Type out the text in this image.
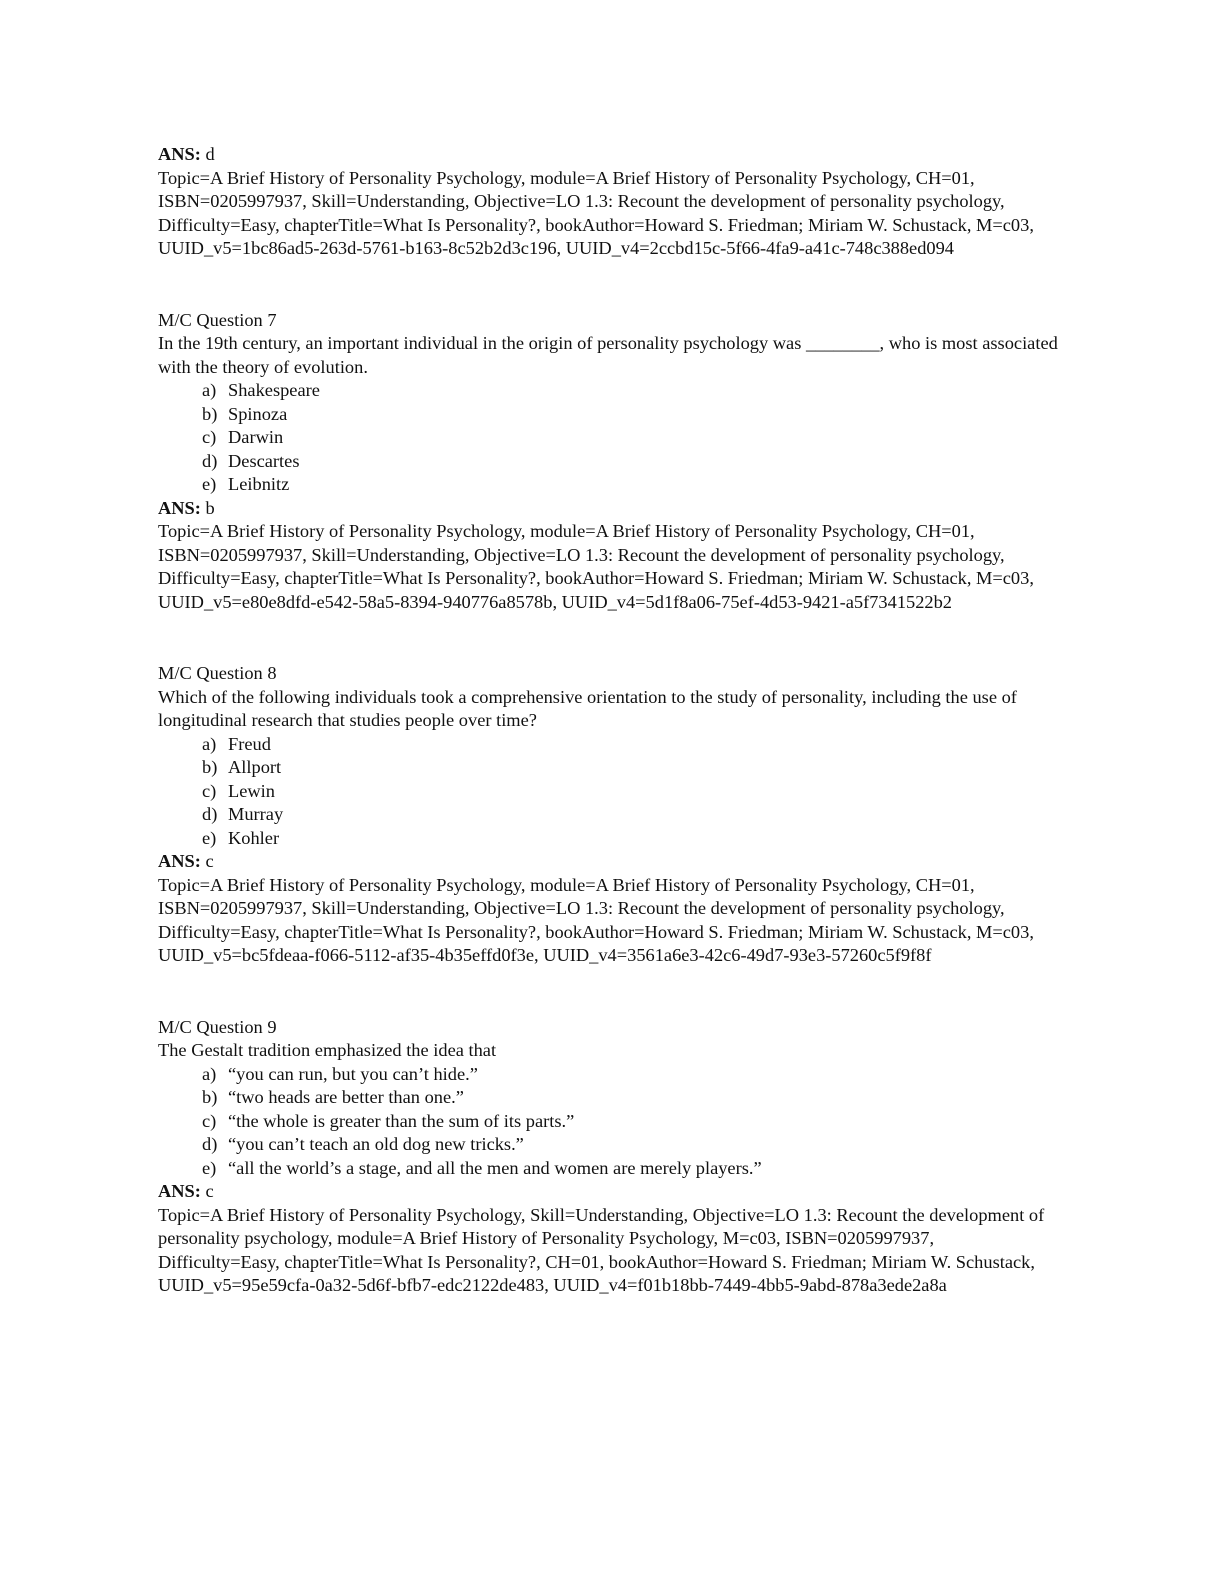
ANS: d

Topic=A Brief History of Personality Psychology, module=A Brief History of Personality Psychology, CH=01, ISBN=0205997937, Skill=Understanding, Objective=LO 1.3: Recount the development of personality psychology, Difficulty=Easy, chapterTitle=What Is Personality?, bookAuthor=Howard S. Friedman; Miriam W. Schustack, M=c03, UUID_v5=1bc86ad5-263d-5761-b163-8c52b2d3c196, UUID_v4=2ccbd15c-5f66-4fa9-a41c-748c388ed094

M/C Question 7

In the 19th century, an important individual in the origin of personality psychology was ________, who is most associated with the theory of evolution.

a) Shakespeare
b) Spinoza
c) Darwin
d) Descartes
e) Leibnitz

ANS: b

Topic=A Brief History of Personality Psychology, module=A Brief History of Personality Psychology, CH=01, ISBN=0205997937, Skill=Understanding, Objective=LO 1.3: Recount the development of personality psychology, Difficulty=Easy, chapterTitle=What Is Personality?, bookAuthor=Howard S. Friedman; Miriam W. Schustack, M=c03, UUID_v5=e80e8dfd-e542-58a5-8394-940776a8578b, UUID_v4=5d1f8a06-75ef-4d53-9421-a5f7341522b2

M/C Question 8

Which of the following individuals took a comprehensive orientation to the study of personality, including the use of longitudinal research that studies people over time?

a) Freud
b) Allport
c) Lewin
d) Murray
e) Kohler

ANS: c

Topic=A Brief History of Personality Psychology, module=A Brief History of Personality Psychology, CH=01, ISBN=0205997937, Skill=Understanding, Objective=LO 1.3: Recount the development of personality psychology, Difficulty=Easy, chapterTitle=What Is Personality?, bookAuthor=Howard S. Friedman; Miriam W. Schustack, M=c03, UUID_v5=bc5fdeaa-f066-5112-af35-4b35effd0f3e, UUID_v4=3561a6e3-42c6-49d7-93e3-57260c5f9f8f

M/C Question 9

The Gestalt tradition emphasized the idea that

a) “you can run, but you can’t hide.”
b) “two heads are better than one.”
c) “the whole is greater than the sum of its parts.”
d) “you can’t teach an old dog new tricks.”
e) “all the world’s a stage, and all the men and women are merely players.”

ANS: c

Topic=A Brief History of Personality Psychology, Skill=Understanding, Objective=LO 1.3: Recount the development of personality psychology, module=A Brief History of Personality Psychology, M=c03, ISBN=0205997937, Difficulty=Easy, chapterTitle=What Is Personality?, CH=01, bookAuthor=Howard S. Friedman; Miriam W. Schustack, UUID_v5=95e59cfa-0a32-5d6f-bfb7-edc2122de483, UUID_v4=f01b18bb-7449-4bb5-9abd-878a3ede2a8a
